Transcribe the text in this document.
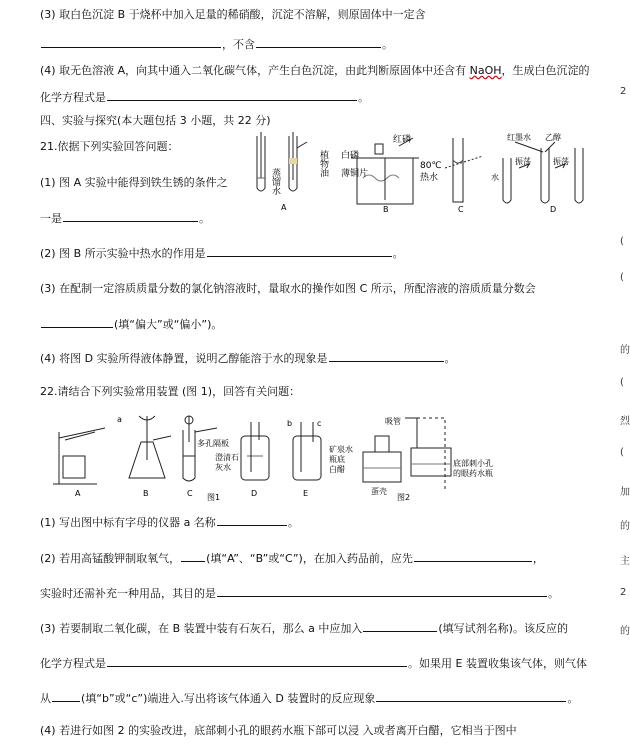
(3) 取白色沉淀 B 于烧杯中加入足量的稀硝酸，沉淀不溶解，则原固体中一定含
，不含	。
(4) 取无色溶液 A，向其中通入二氧化碳气体，产生白色沉淀，由此判断原固体中还含有 NaOH，生成白色沉淀的
化学方程式是	。
四、实验与探究(本大题包括 3 小题，共 22 分)
21.依据下列实验回答问题：
(1) 图 A 实验中能得到铁生锈的条件之
一是	。
蒸馏水
植物油
红磷
白磷
薄铜片
80℃
热水
红墨水 乙醇
振荡	振荡
水
A	B	C	D
(2) 图 B 所示实验中热水的作用是	。
(3) 在配制一定溶质质量分数的氯化钠溶液时，量取水的操作如图 C 所示，所配溶液的溶质质量分数会
(填“偏大”或“偏小”)。
(4) 将图 D 实验所得液体静置，说明乙醇能溶于水的现象是	。
22.请结合下列实验常用装置 (图 1)，回答有关问题：
a	b	c
多孔隔板
澄清石
灰水
矿泉水
瓶底
白醋
吸管
底部刺小孔
的眼药水瓶
蛋壳
A	B	C	D	E
图1	图2
(1) 写出图中标有字母的仪器 a 名称	。
(2) 若用高锰酸钾制取氧气， (填“A”、“B”或“C”)，在加入药品前，应先	，
实验时还需补充一种用品，其目的是	。
(3) 若要制取二氧化碳，在 B 装置中装有石灰石，那么 a 中应加入	(填写试剂名称)。该反应的
化学方程式是	。如果用 E 装置收集该气体，则气体
从	(填“b”或“c”)端进入.写出将该气体通入 D 装置时的反应现象	。
(4) 若进行如图 2 的实验改进，底部刺小孔的眼药水瓶下部可以浸 入或者离开白醋，它相当于图中
2
(
(
的
(
烈
(
加
的
主
2
的
